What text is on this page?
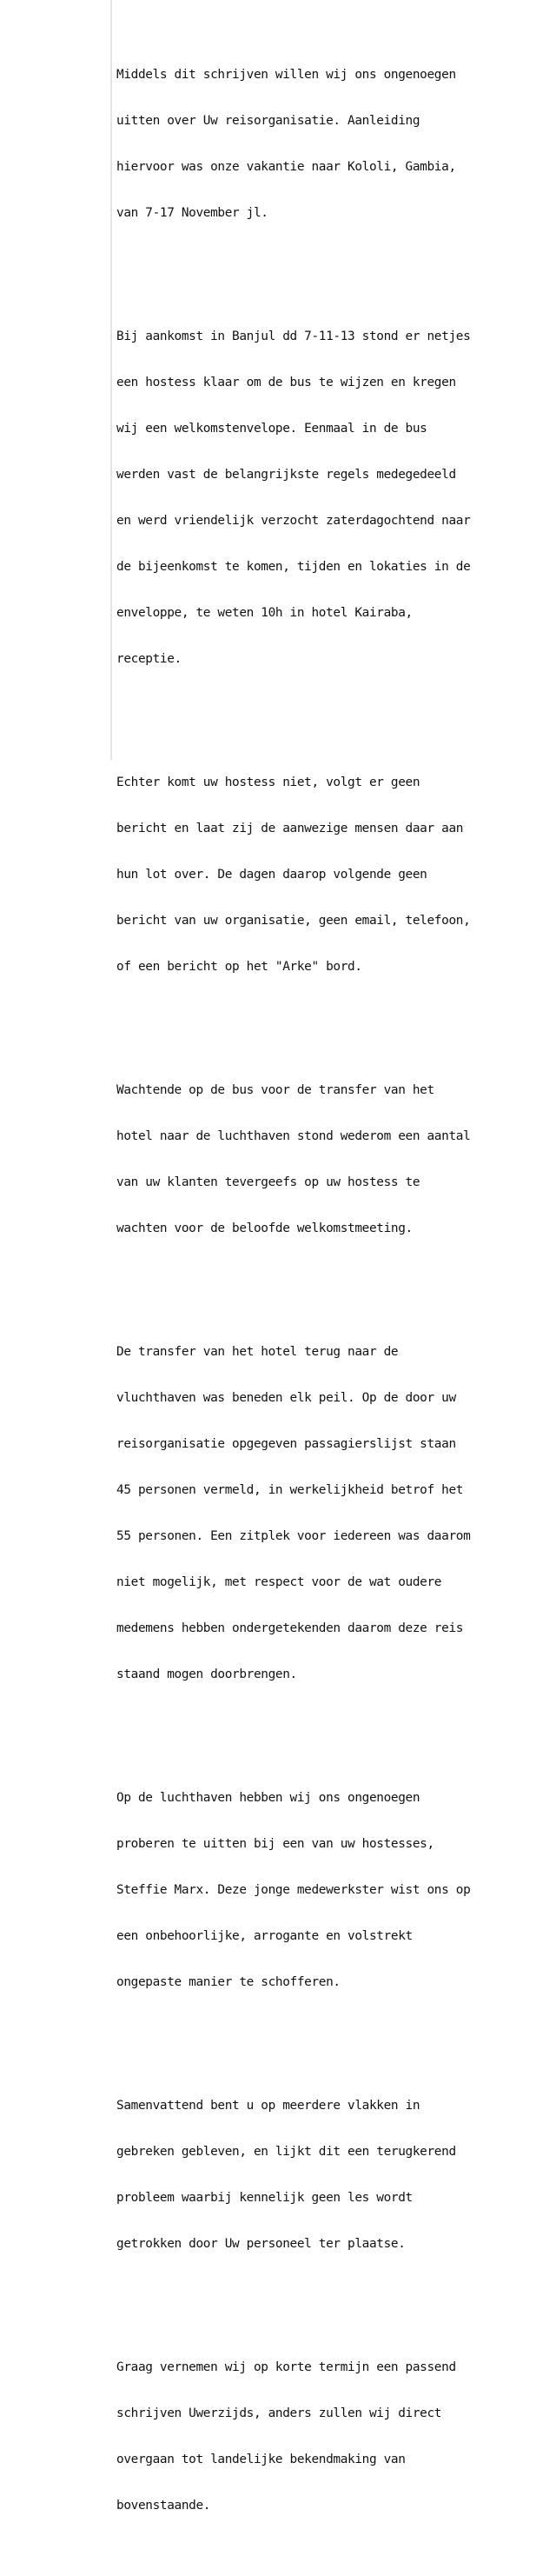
Middels dit schrijven willen wij ons ongenoegen

uitten over Uw reisorganisatie. Aanleiding

hiervoor was onze vakantie naar Kololi, Gambia,

van 7-17 November jl.

Bij aankomst in Banjul dd 7-11-13 stond er netjes

een hostess klaar om de bus te wijzen en kregen

wij een welkomstenvelope. Eenmaal in de bus

werden vast de belangrijkste regels medegedeeld

en werd vriendelijk verzocht zaterdagochtend naar

de bijeenkomst te komen, tijden en lokaties in de

enveloppe, te weten 10h in hotel Kairaba,

receptie.

Echter komt uw hostess niet, volgt er geen

bericht en laat zij de aanwezige mensen daar aan

hun lot over. De dagen daarop volgende geen

bericht van uw organisatie, geen email, telefoon,

of een bericht op het "Arke" bord.

Wachtende op de bus voor de transfer van het

hotel naar de luchthaven stond wederom een aantal

van uw klanten tevergeefs op uw hostess te

wachten voor de beloofde welkomstmeeting.

De transfer van het hotel terug naar de

vluchthaven was beneden elk peil. Op de door uw

reisorganisatie opgegeven passagierslijst staan

45 personen vermeld, in werkelijkheid betrof het

55 personen. Een zitplek voor iedereen was daarom

niet mogelijk, met respect voor de wat oudere

medemens hebben ondergetekenden daarom deze reis

staand mogen doorbrengen.

Op de luchthaven hebben wij ons ongenoegen

proberen te uitten bij een van uw hostesses,

Steffie Marx. Deze jonge medewerkster wist ons op

een onbehoorlijke, arrogante en volstrekt

ongepaste manier te schofferen.

Samenvattend bent u op meerdere vlakken in

gebreken gebleven, en lijkt dit een terugkerend

probleem waarbij kennelijk geen les wordt

getrokken door Uw personeel ter plaatse.

Graag vernemen wij op korte termijn een passend

schrijven Uwerzijds, anders zullen wij direct

overgaan tot landelijke bekendmaking van

bovenstaande.
